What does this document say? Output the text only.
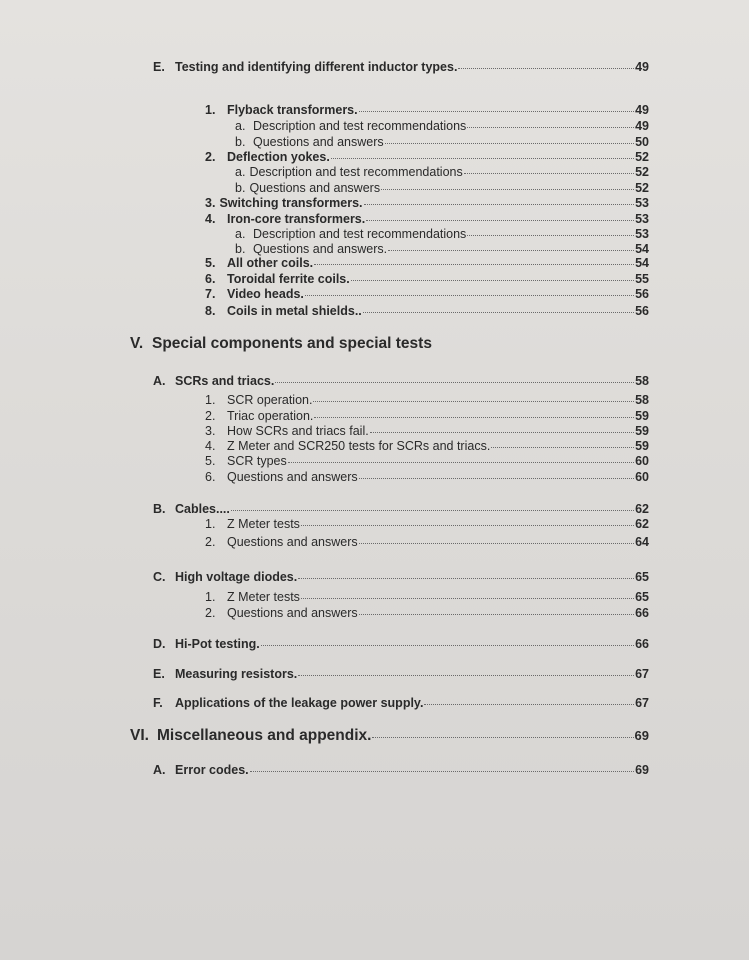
E. Testing and identifying different inductor types.	49
1. Flyback transformers.	49
a. Description and test recommendations	49
b. Questions and answers	50
2. Deflection yokes.	52
a. Description and test recommendations	52
b. Questions and answers	52
3. Switching transformers.	53
4. Iron-core transformers.	53
a. Description and test recommendations	53
b. Questions and answers.	54
5. All other coils.	54
6. Toroidal ferrite coils.	55
7. Video heads.	56
8. Coils in metal shields..	56
V. Special components and special tests
A. SCRs and triacs.	58
1. SCR operation.	58
2. Triac operation.	59
3. How SCRs and triacs fail.	59
4. Z Meter and SCR250 tests for SCRs and triacs.	59
5. SCR types	60
6. Questions and answers	60
B. Cables....	62
1. Z Meter tests	62
2. Questions and answers	64
C. High voltage diodes.	65
1. Z Meter tests	65
2. Questions and answers	66
D. Hi-Pot testing.	66
E. Measuring resistors.	67
F. Applications of the leakage power supply.	67
VI. Miscellaneous and appendix.	69
A. Error codes.	69
